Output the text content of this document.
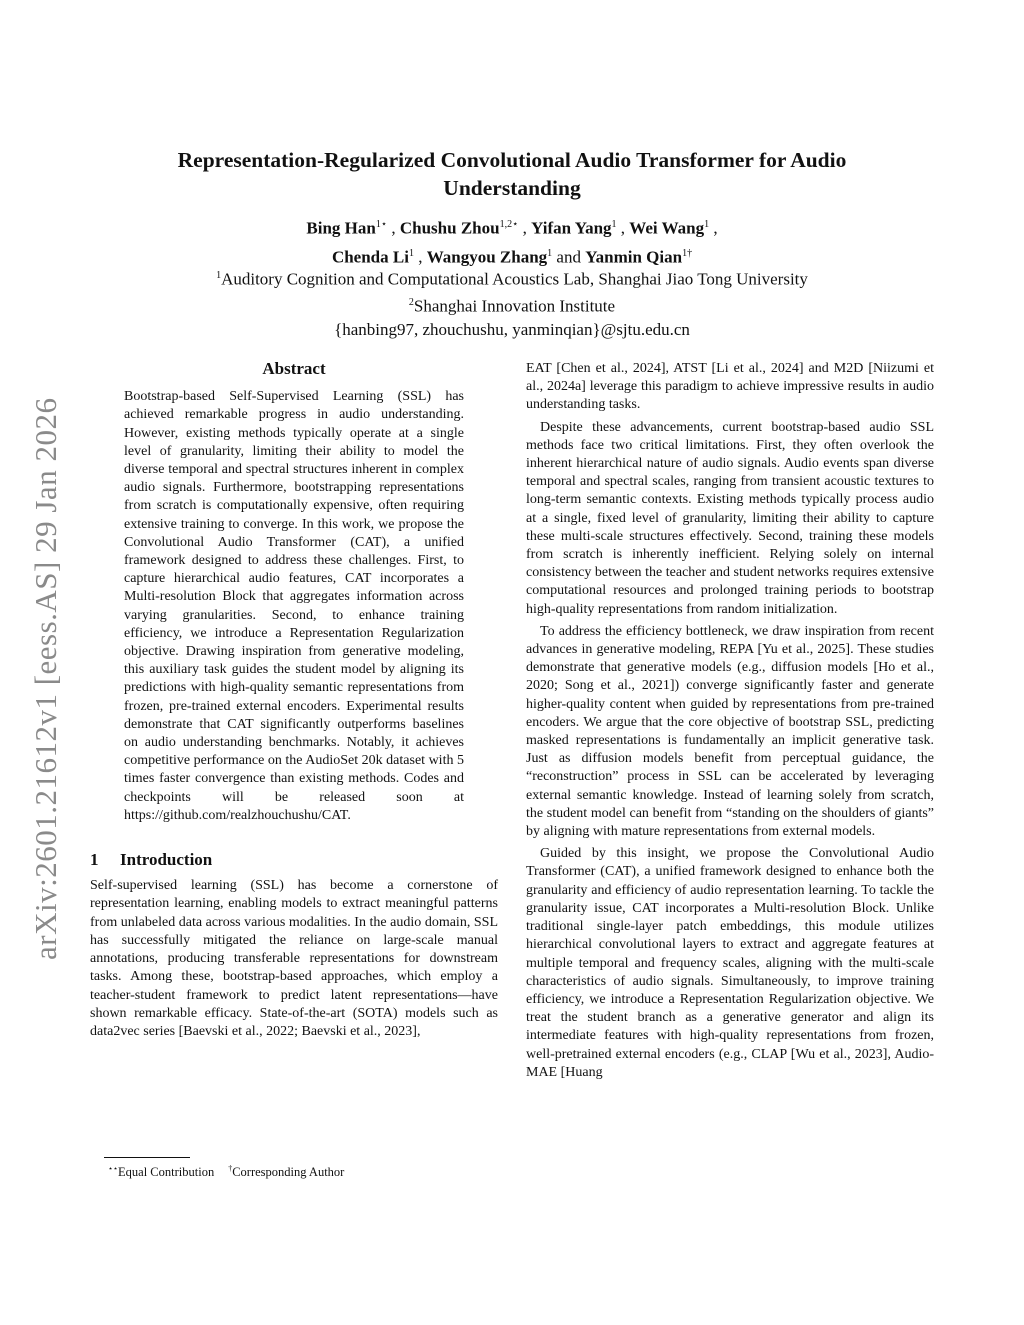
arXiv:2601.21612v1 [eess.AS] 29 Jan 2026
Representation-Regularized Convolutional Audio Transformer for Audio
Understanding
Bing Han$^{1⋆}$ , Chushu Zhou$^{1,2⋆}$ , Yifan Yang$^1$ , Wei Wang$^1$ ,
Chenda Li$^1$ , Wangyou Zhang$^1$ and Yanmin Qian$^{1\dagger}$
$^1$Auditory Cognition and Computational Acoustics Lab, Shanghai Jiao Tong University
$^2$Shanghai Innovation Institute
{hanbing97, zhouchushu, yanminqian}@sjtu.edu.cn
Abstract
Bootstrap-based Self-Supervised Learning (SSL) has achieved remarkable progress in audio understanding. However, existing methods typically operate at a single level of granularity, limiting their ability to model the diverse temporal and spectral structures inherent in complex audio signals. Furthermore, bootstrapping representations from scratch is computationally expensive, often requiring extensive training to converge. In this work, we propose the Convolutional Audio Transformer (CAT), a unified framework designed to address these challenges. First, to capture hierarchical audio features, CAT incorporates a Multi-resolution Block that aggregates information across varying granularities. Second, to enhance training efficiency, we introduce a Representation Regularization objective. Drawing inspiration from generative modeling, this auxiliary task guides the student model by aligning its predictions with high-quality semantic representations from frozen, pre-trained external encoders. Experimental results demonstrate that CAT significantly outperforms baselines on audio understanding benchmarks. Notably, it achieves competitive performance on the AudioSet 20k dataset with 5 times faster convergence than existing methods. Codes and checkpoints will be released soon at https://github.com/realzhouchushu/CAT.
1 Introduction

Self-supervised learning (SSL) has become a cornerstone of representation learning, enabling models to extract meaningful patterns from unlabeled data across various modalities. In the audio domain, SSL has successfully mitigated the reliance on large-scale manual annotations, producing transferable representations for downstream tasks. Among these, bootstrap-based approaches, which employ a teacher-student framework to predict latent representations—have shown remarkable efficacy. State-of-the-art (SOTA) models such as data2vec series [Baevski et al., 2022; Baevski et al., 2023],

EAT [Chen et al., 2024], ATST [Li et al., 2024] and M2D [Niizumi et al., 2024a] leverage this paradigm to achieve impressive results in audio understanding tasks.

Despite these advancements, current bootstrap-based audio SSL methods face two critical limitations. First, they often overlook the inherent hierarchical nature of audio signals. Audio events span diverse temporal and spectral scales, ranging from transient acoustic textures to long-term semantic contexts. Existing methods typically process audio at a single, fixed level of granularity, limiting their ability to capture these multi-scale structures effectively. Second, training these models from scratch is inherently inefficient. Relying solely on internal consistency between the teacher and student networks requires extensive computational resources and prolonged training periods to bootstrap high-quality representations from random initialization.

To address the efficiency bottleneck, we draw inspiration from recent advances in generative modeling, REPA [Yu et al., 2025]. These studies demonstrate that generative models (e.g., diffusion models [Ho et al., 2020; Song et al., 2021]) converge significantly faster and generate higher-quality content when guided by representations from pre-trained encoders. We argue that the core objective of bootstrap SSL, predicting masked representations is fundamentally an implicit generative task. Just as diffusion models benefit from perceptual guidance, the “reconstruction” process in SSL can be accelerated by leveraging external semantic knowledge. Instead of learning solely from scratch, the student model can benefit from “standing on the shoulders of giants” by aligning with mature representations from external models.

Guided by this insight, we propose the Convolutional Audio Transformer (CAT), a unified framework designed to enhance both the granularity and efficiency of audio representation learning. To tackle the granularity issue, CAT incorporates a Multi-resolution Block. Unlike traditional single-layer patch embeddings, this module utilizes hierarchical convolutional layers to extract and aggregate features at multiple temporal and frequency scales, aligning with the multi-scale characteristics of audio signals. Simultaneously, to improve training efficiency, we introduce a Representation Regularization objective. We treat the student branch as a generative generator and align its intermediate features with high-quality representations from frozen, well-pretrained external encoders (e.g., CLAP [Wu et al., 2023], Audio-MAE [Huang

⋆⋆Equal Contribution †Corresponding Author
